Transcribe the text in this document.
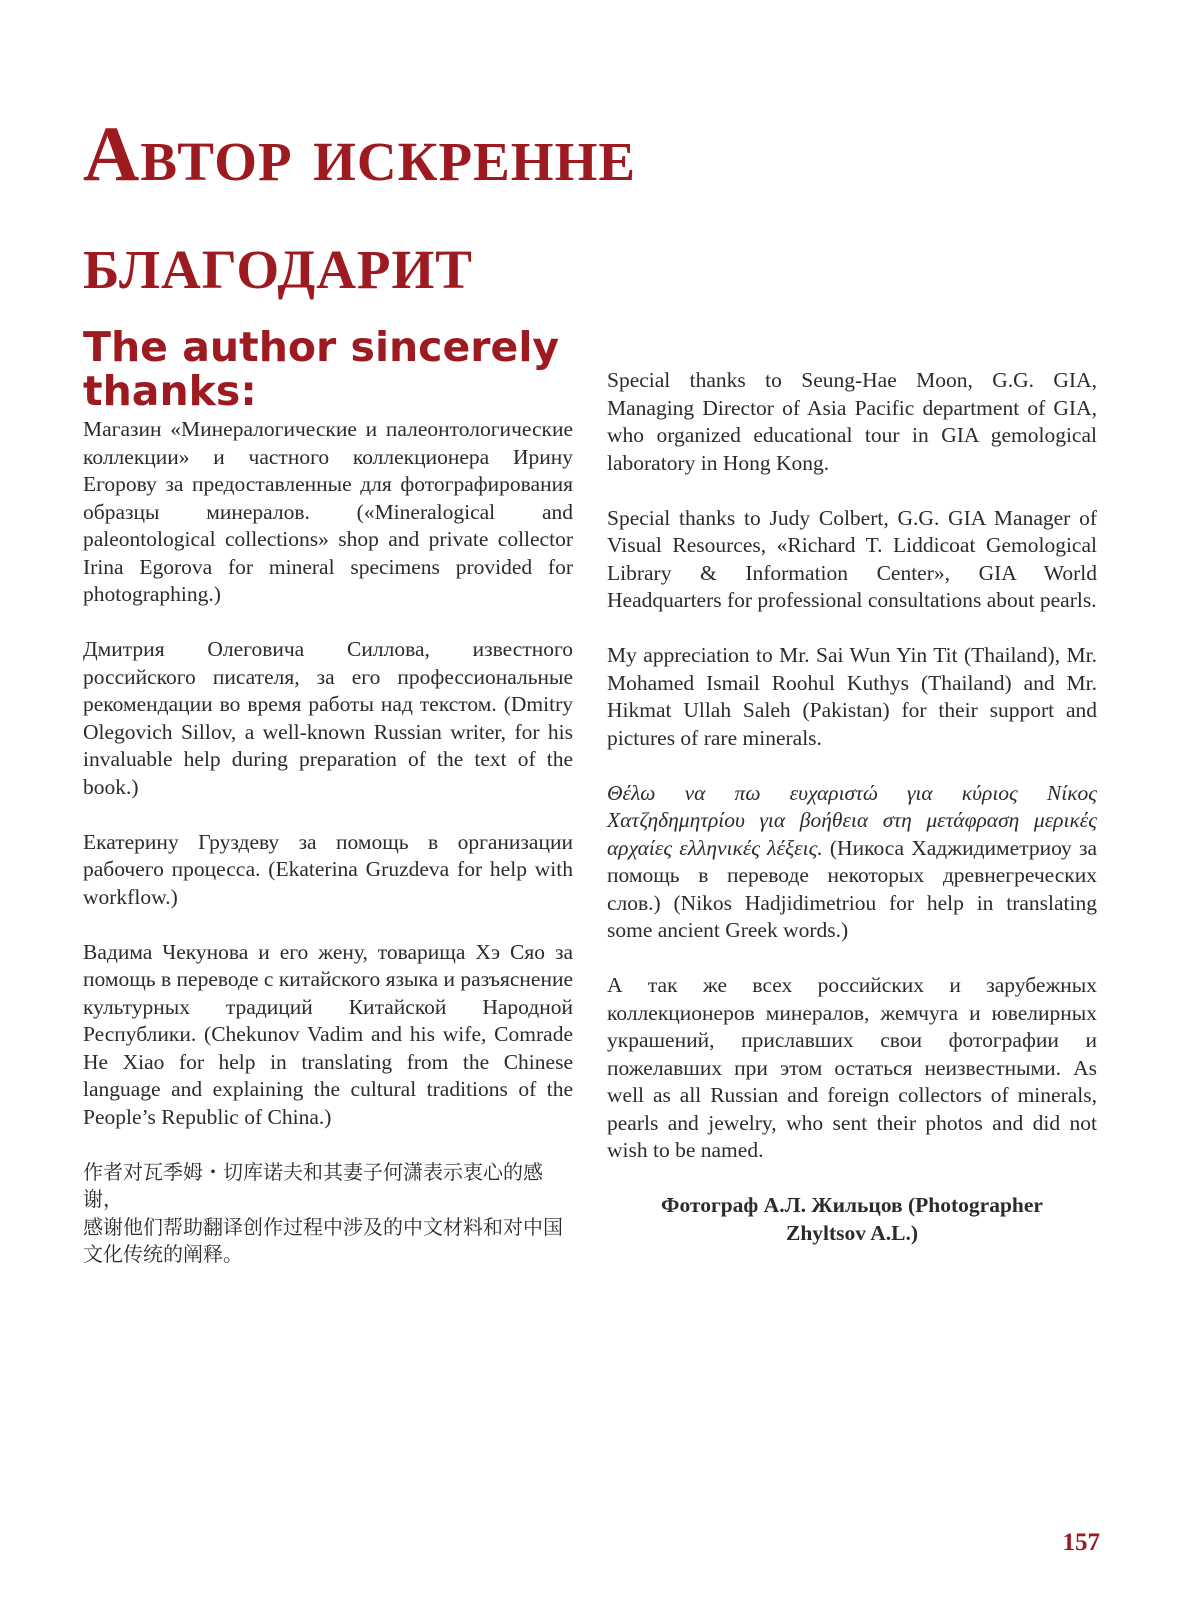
Автор искренне
благодарит
The author sincerely
thanks:

Магазин «Минералогические и палеонтологические коллекции» и частного коллекционера Ирину Егорову за предоставленные для фотографирования образцы минералов. («Mineralogical and paleontological collections» shop and private collector Irina Egorova for mineral specimens provided for photographing.)

Дмитрия Олеговича Силлова, известного российского писателя, за его профессиональные рекомендации во время работы над текстом. (Dmitry Olegovich Sillov, a well-known Russian writer, for his invaluable help during preparation of the text of the book.)

Екатерину Груздеву за помощь в организации рабочего процесса. (Ekaterina Gruzdeva for help with workflow.)

Вадима Чекунова и его жену, товарища Хэ Сяо за помощь в переводе с китайского языка и разъяснение культурных традиций Китайской Народной Республики. (Chekunov Vadim and his wife, Comrade He Xiao for help in translating from the Chinese language and explaining the cultural traditions of the People’s Republic of China.)

作者对瓦季姆・切库诺夫和其妻子何潇表示衷心的感谢，
感谢他们帮助翻译创作过程中涉及的中文材料和对中国文化传统的阐释。

Special thanks to Seung-Hae Moon, G.G. GIA, Managing Director of Asia Pacific department of GIA, who organized educational tour in GIA gemological laboratory in Hong Kong.

Special thanks to Judy Colbert, G.G. GIA Manager of Visual Resources, «Richard T. Liddicoat Gemological Library & Information Center», GIA World Headquarters for professional consultations about pearls.

My appreciation to Mr. Sai Wun Yin Tit (Thailand), Mr. Mohamed Ismail Roohul Kuthys (Thailand) and Mr. Hikmat Ullah Saleh (Pakistan) for their support and pictures of rare minerals.

Θέλω να πω ευχαριστώ για κύριος Νίκος Χατζηδημητρίου για βοήθεια στη μετάφραση μερικές αρχαίες ελληνικές λέξεις. (Никоса Хаджидиметриоу за помощь в переводе некоторых древнегреческих слов.) (Nikos Hadjidimetriou for help in translating some ancient Greek words.)

А так же всех российских и зарубежных коллекционеров минералов, жемчуга и ювелирных украшений, приславших свои фотографии и пожелавших при этом остаться неизвестными. As well as all Russian and foreign collectors of minerals, pearls and jewelry, who sent their photos and did not wish to be named.

Фотограф А.Л. Жильцов (Photographer
Zhyltsov A.L.)

157
